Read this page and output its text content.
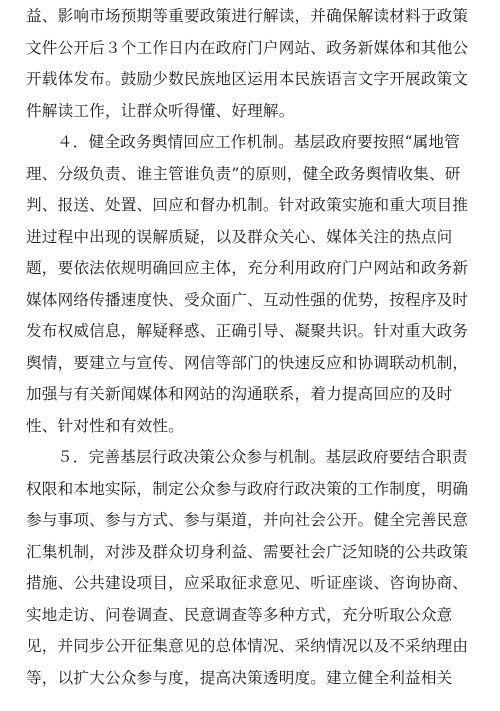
益、影响市场预期等重要政策进行解读，并确保解读材料于政策
文件公开后３个工作日内在政府门户网站、政务新媒体和其他公
开载体发布。鼓励少数民族地区运用本民族语言文字开展政策文
件解读工作，让群众听得懂、好理解。
４．健全政务舆情回应工作机制。基层政府要按照“属地管
理、分级负责、谁主管谁负责”的原则，健全政务舆情收集、研
判、报送、处置、回应和督办机制。针对政策实施和重大项目推
进过程中出现的误解质疑，以及群众关心、媒体关注的热点问
题，要依法依规明确回应主体，充分利用政府门户网站和政务新
媒体网络传播速度快、受众面广、互动性强的优势，按程序及时
发布权威信息，解疑释惑、正确引导、凝聚共识。针对重大政务
舆情，要建立与宣传、网信等部门的快速反应和协调联动机制，
加强与有关新闻媒体和网站的沟通联系，着力提高回应的及时
性、针对性和有效性。
５．完善基层行政决策公众参与机制。基层政府要结合职责
权限和本地实际，制定公众参与政府行政决策的工作制度，明确
参与事项、参与方式、参与渠道，并向社会公开。健全完善民意
汇集机制，对涉及群众切身利益、需要社会广泛知晓的公共政策
措施、公共建设项目，应采取征求意见、听证座谈、咨询协商、
实地走访、问卷调查、民意调查等多种方式，充分听取公众意
见，并同步公开征集意见的总体情况、采纳情况以及不采纳理由
等，以扩大公众参与度，提高决策透明度。建立健全利益相关
